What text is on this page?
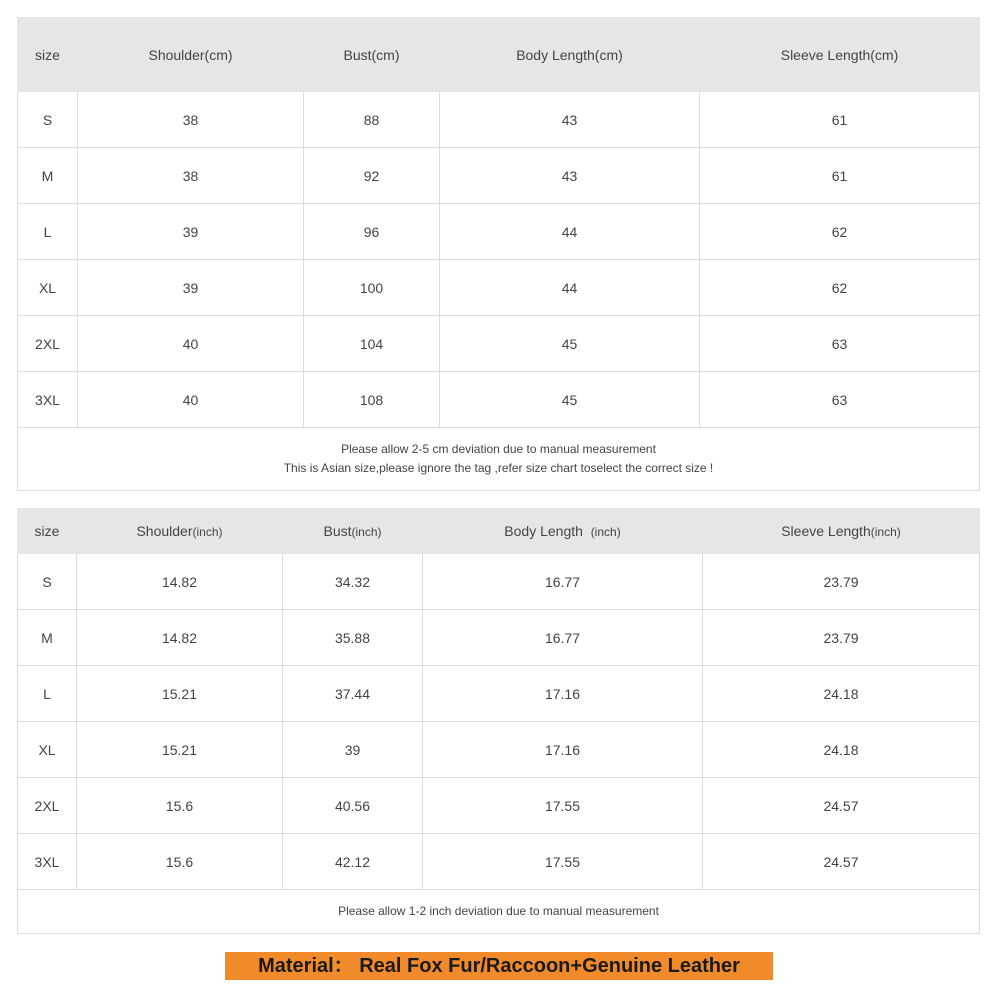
size	Shoulder(cm)	Bust(cm)	Body Length(cm)	Sleeve Length(cm)
S	38	88	43	61
M	38	92	43	61
L	39	96	44	62
XL	39	100	44	62
2XL	40	104	45	63
3XL	40	108	45	63

Please allow 2-5 cm deviation due to manual measurement
This is Asian size,please ignore the tag ,refer size chart toselect the correct size !				
size	Shoulder(inch)	Bust(inch)	Body Length (inch)	Sleeve Length(inch)
S	14.82	34.32	16.77	23.79
M	14.82	35.88	16.77	23.79
L	15.21	37.44	17.16	24.18
XL	15.21	39	17.16	24.18
2XL	15.6	40.56	17.55	24.57
3XL	15.6	42.12	17.55	24.57

Please allow 1-2 inch deviation due to manual measurement				
Material： Real Fox Fur/Raccoon+Genuine Leather
